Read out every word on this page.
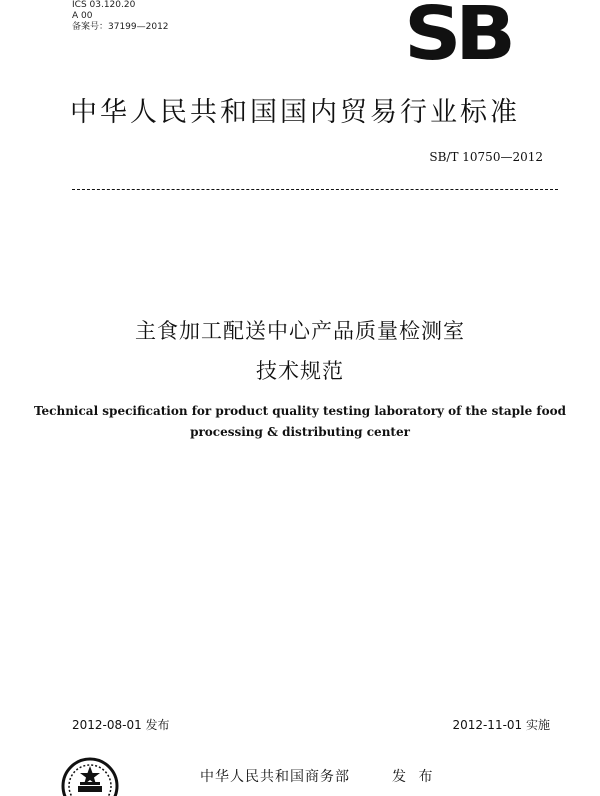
ICS 03.120.20
A 00
备案号：37199—2012	SB
中华人民共和国国内贸易行业标准
SB/T 10750—2012
主食加工配送中心产品质量检测室
技术规范
Technical specification for product quality testing laboratory of the staple food
processing & distributing center
2012-08-01 发布	2012-11-01 实施
中华人民共和国商务部	发 布
